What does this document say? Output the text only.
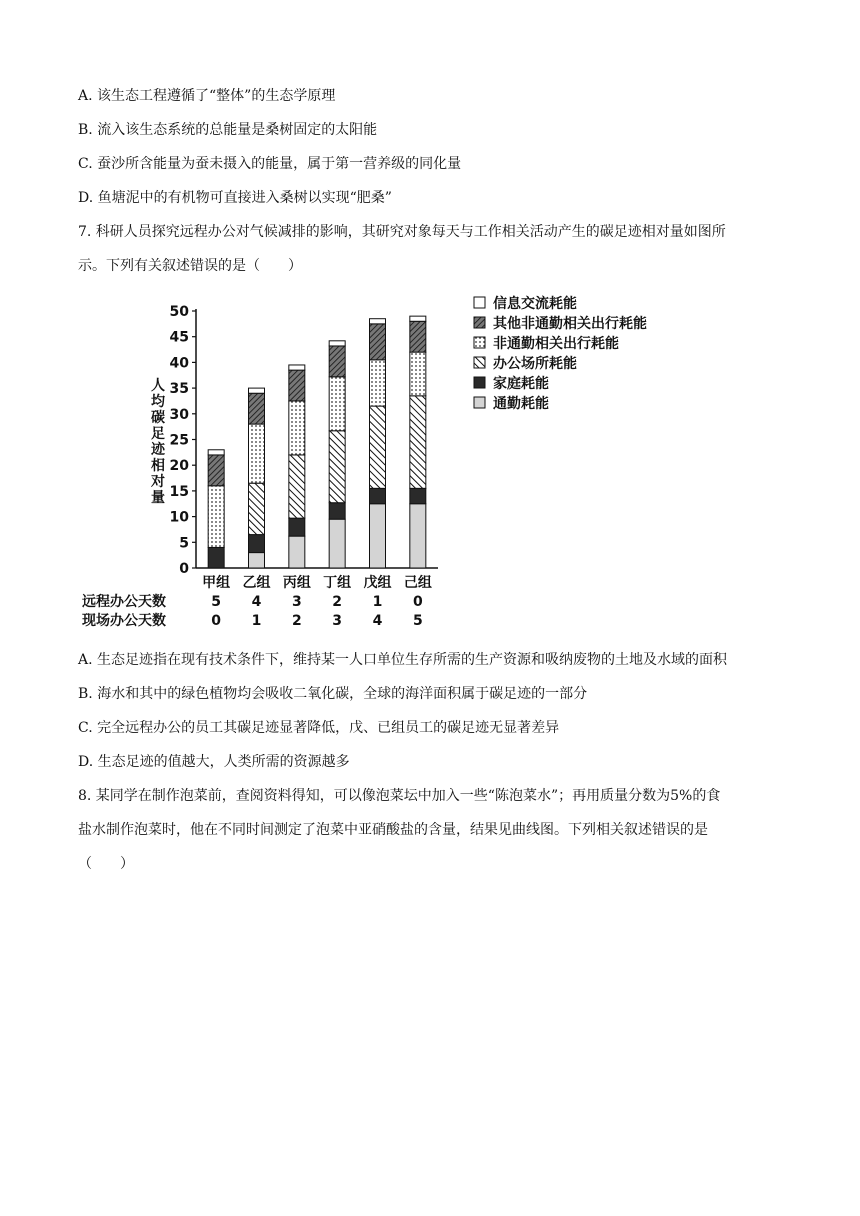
A. 该生态工程遵循了“整体”的生态学原理
B. 流入该生态系统的总能量是桑树固定的太阳能
C. 蚕沙所含能量为蚕未摄入的能量，属于第一营养级的同化量
D. 鱼塘泥中的有机物可直接进入桑树以实现“肥桑”
7. 科研人员探究远程办公对气候减排的影响，其研究对象每天与工作相关活动产生的碳足迹相对量如图所
示。下列有关叙述错误的是（　　）
A. 生态足迹指在现有技术条件下，维持某一人口单位生存所需的生产资源和吸纳废物的土地及水域的面积
B. 海水和其中的绿色植物均会吸收二氧化碳，全球的海洋面积属于碳足迹的一部分
C. 完全远程办公的员工其碳足迹显著降低，戊、已组员工的碳足迹无显著差异
D. 生态足迹的值越大，人类所需的资源越多
8. 某同学在制作泡菜前，查阅资料得知，可以像泡菜坛中加入一些“陈泡菜水”；再用质量分数为5%的食
盐水制作泡菜时，他在不同时间测定了泡菜中亚硝酸盐的含量，结果见曲线图。下列相关叙述错误的是
（　　）
0
5
10
15
20
25
30
35
40
45
50
人
均
碳
足
迹
相
对
量
甲组
5
0
乙组
4
1
丙组
3
2
丁组
2
3
戊组
1
4
己组
0
5
远程办公天数
现场办公天数
信息交流耗能
其他非通勤相关出行耗能
非通勤相关出行耗能
办公场所耗能
家庭耗能
通勤耗能
